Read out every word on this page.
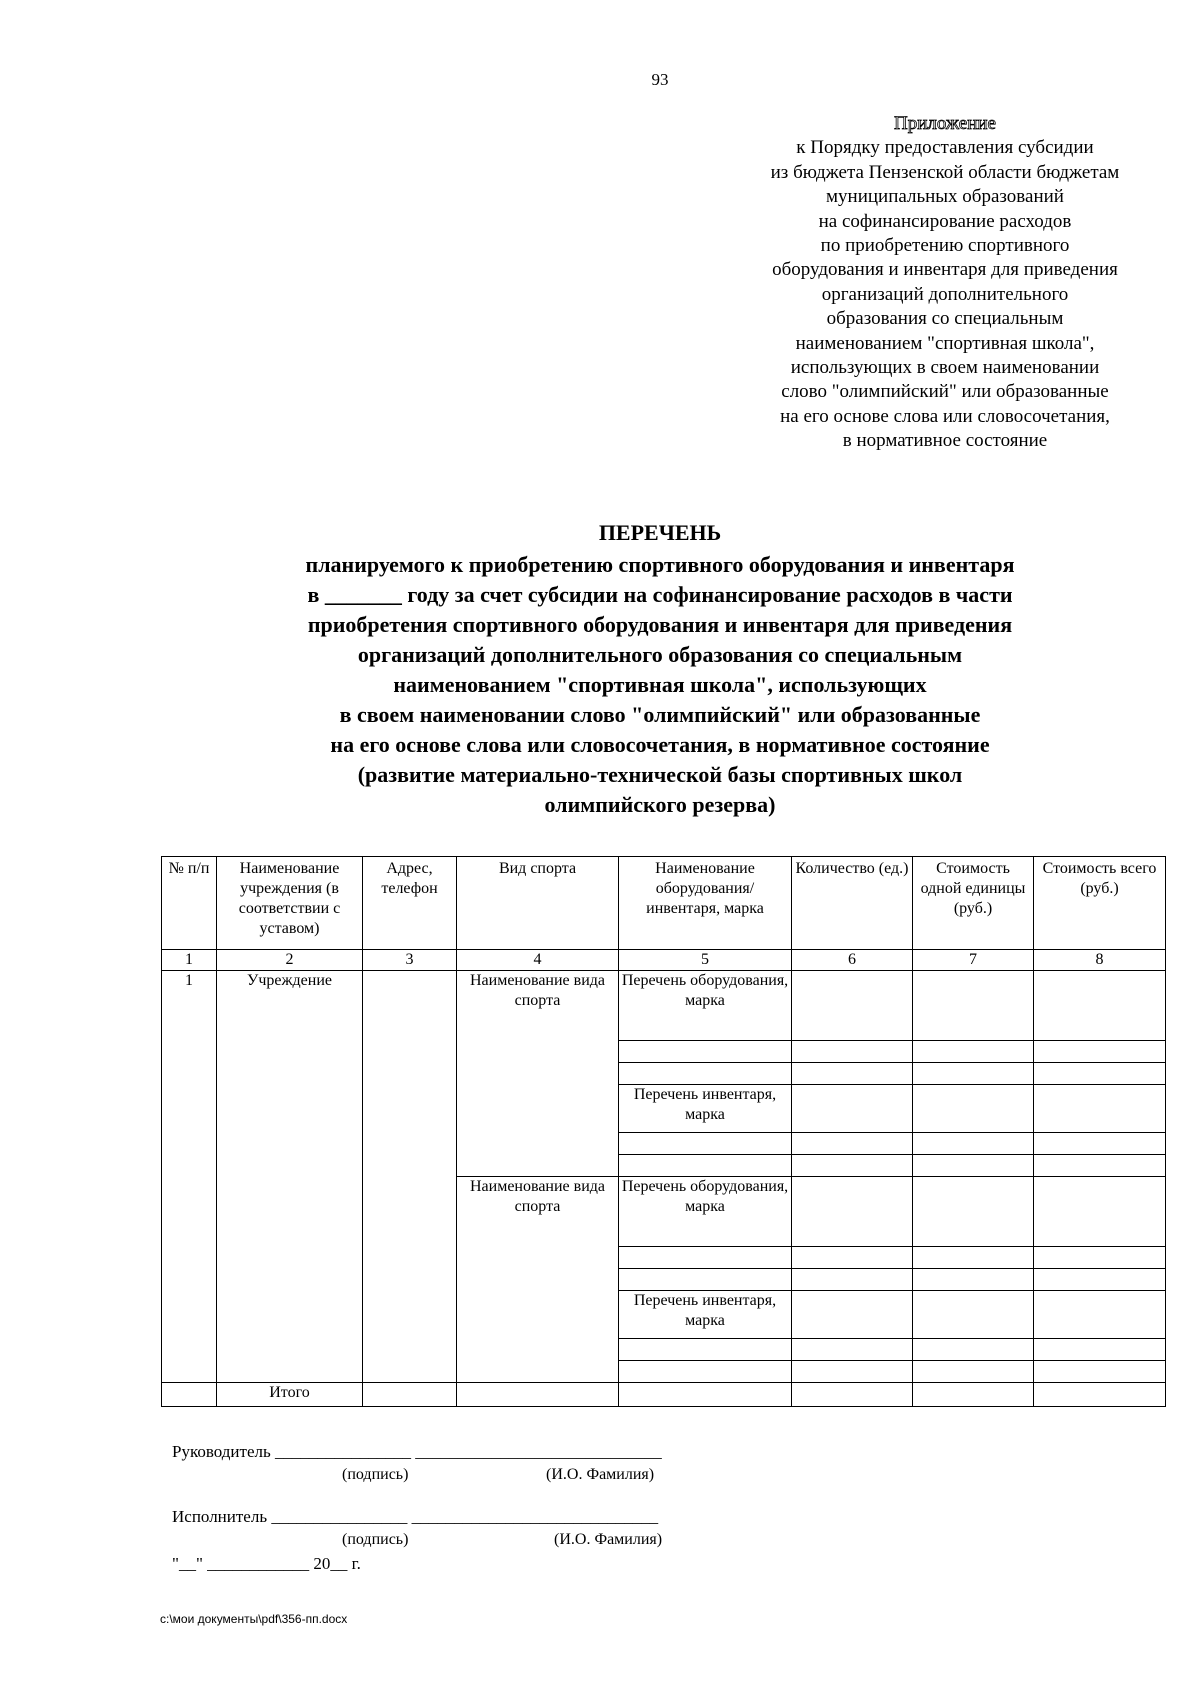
93
Приложение
к Порядку предоставления субсидии
из бюджета Пензенской области бюджетам
муниципальных образований
на софинансирование расходов
по приобретению спортивного
оборудования и инвентаря для приведения
организаций дополнительного
образования со специальным
наименованием "спортивная школа",
использующих в своем наименовании
слово "олимпийский" или образованные
на его основе слова или словосочетания,
в нормативное состояние
ПЕРЕЧЕНЬ
планируемого к приобретению спортивного оборудования и инвентаря
в _______ году за счет субсидии на софинансирование расходов в части
приобретения спортивного оборудования и инвентаря для приведения
организаций дополнительного образования со специальным
наименованием "спортивная школа", использующих
в своем наименовании слово "олимпийский" или образованные
на его основе слова или словосочетания, в нормативное состояние
(развитие материально-технической базы спортивных школ
олимпийского резерва)
№ п/п	Наименование учреждения (в соответствии с уставом)	Адрес, телефон	Вид спорта	Наименование оборудования/ инвентаря, марка	Количество (ед.)	Стоимость одной единицы (руб.)	Стоимость всего (руб.)
1	2	3	4	5	6	7	8
1	Учреждение		Наименование вида спорта	Перечень оборудования, марка			

				Перечень инвентаря, марка			

			Наименование вида спорта	Перечень оборудования, марка			

				Перечень инвентаря, марка			

	Итого						
Руководитель ________________ _____________________________
(подпись)	(И.О. Фамилия)
Исполнитель ________________ _____________________________
(подпись)	(И.О. Фамилия)
"__" ____________ 20__ г.
c:\мои документы\pdf\356-пп.docx
